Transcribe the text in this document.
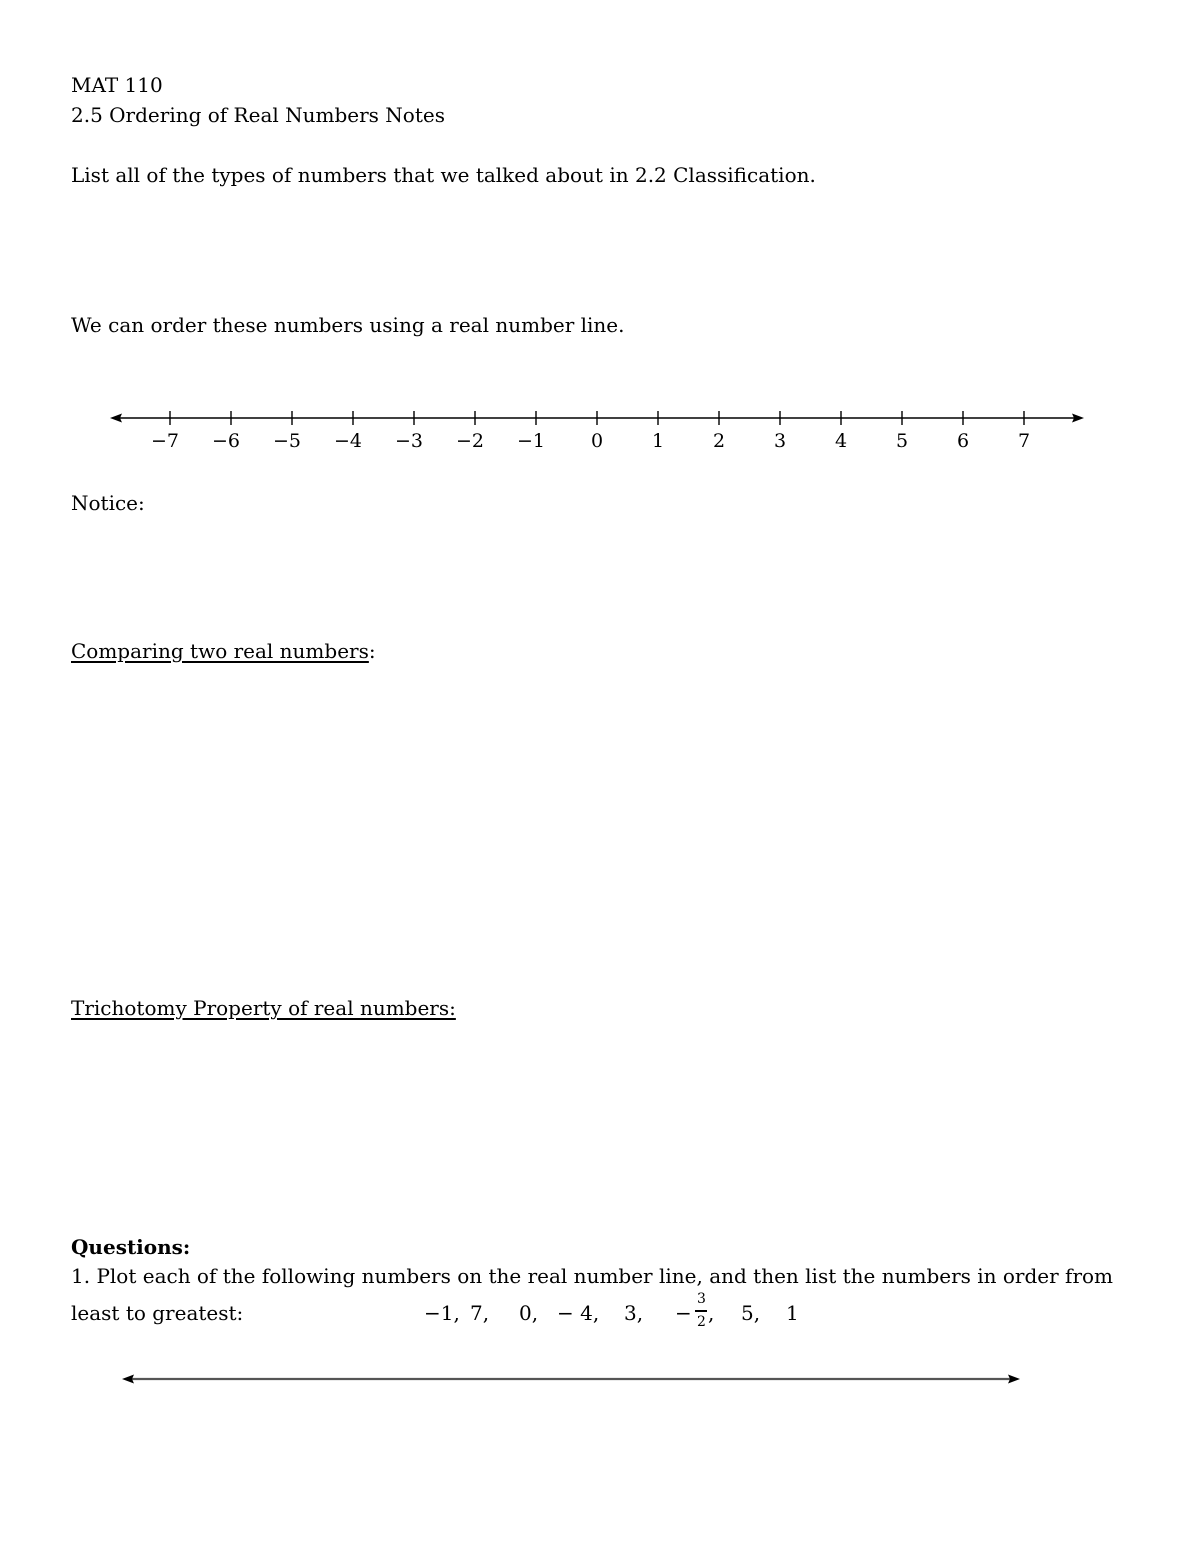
MAT 110
2.5 Ordering of Real Numbers Notes
List all of the types of numbers that we talked about in 2.2 Classification.
We can order these numbers using a real number line.
−7 −6 −5 −4 −3 −2 −1 0	1	2	3	4	5	6	7
Notice:
Comparing two real numbers:
Trichotomy Property of real numbers:
Questions:
1. Plot each of the following numbers on the real number line, and then list the numbers in order from
least to greatest:	−1, 7, 0, − 4, 3, −
3
2 , 5, 1
